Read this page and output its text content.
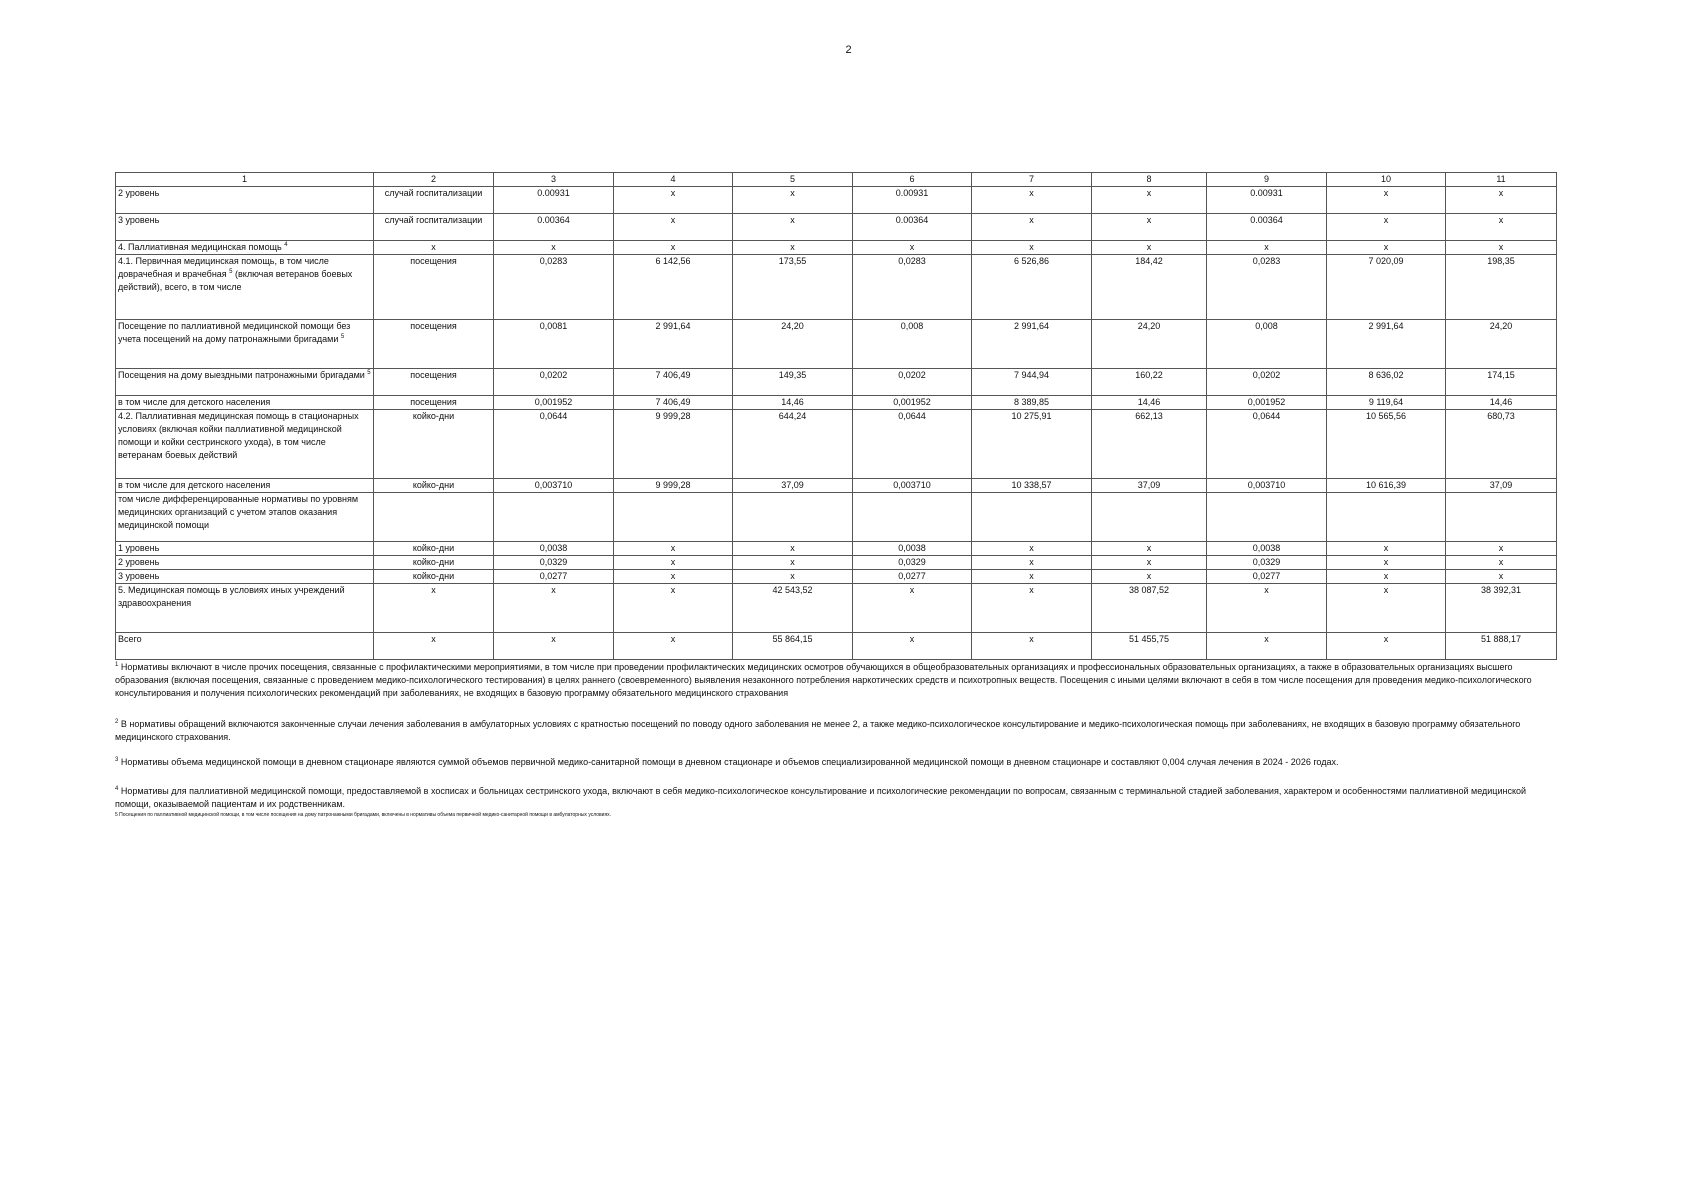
2
1	2	3	4	5	6	7	8	9	10	11
2 уровень	случай госпитализации	0.00931	x	x	0.00931	x	x	0.00931	x	x
3 уровень	случай госпитализации	0.00364	x	x	0.00364	x	x	0.00364	x	x
4. Паллиативная медицинская помощь $^4$	x	x	x	x	x	x	x	x	x	x
4.1. Первичная медицинская помощь, в том числе доврачебная и врачебная $^5$ (включая ветеранов боевых действий), всего, в том числе	посещения	0,0283	6 142,56	173,55	0,0283	6 526,86	184,42	0,0283	7 020,09	198,35
Посещение по паллиативной медицинской помощи без учета посещений на дому патронажными бригадами $^5$	посещения	0,0081	2 991,64	24,20	0,008	2 991,64	24,20	0,008	2 991,64	24,20
Посещения на дому выездными патронажными бригадами $^5$	посещения	0,0202	7 406,49	149,35	0,0202	7 944,94	160,22	0,0202	8 636,02	174,15
в том числе для детского населения	посещения	0,001952	7 406,49	14,46	0,001952	8 389,85	14,46	0,001952	9 119,64	14,46
4.2. Паллиативная медицинская помощь в стационарных условиях (включая койки паллиативной медицинской помощи и койки сестринского ухода), в том числе ветеранам боевых действий	койко-дни	0,0644	9 999,28	644,24	0,0644	10 275,91	662,13	0,0644	10 565,56	680,73
в том числе для детского населения	койко-дни	0,003710	9 999,28	37,09	0,003710	10 338,57	37,09	0,003710	10 616,39	37,09
том числе дифференцированные нормативы по уровням медицинских организаций с учетом этапов оказания медицинской помощи										
1 уровень	койко-дни	0,0038	x	x	0,0038	x	x	0,0038	x	x
2 уровень	койко-дни	0,0329	x	x	0,0329	x	x	0,0329	x	x
3 уровень	койко-дни	0,0277	x	x	0,0277	x	x	0,0277	x	x
5. Медицинская помощь в условиях иных учреждений здравоохранения	x	x	x	42 543,52	x	x	38 087,52	x	x	38 392,31
Всего	x	x	x	55 864,15	x	x	51 455,75	x	x	51 888,17

$^1$ Нормативы включают в числе прочих посещения, связанные с профилактическими мероприятиями, в том числе при проведении профилактических медицинских осмотров обучающихся в общеобразовательных организациях и профессиональных образовательных организациях, а также в образовательных организациях высшего образования (включая посещения, связанные с проведением медико-психологического тестирования) в целях раннего (своевременного) выявления незаконного потребления наркотических средств и психотропных веществ. Посещения с иными целями включают в себя в том числе посещения для проведения медико-психологического консультирования и получения психологических рекомендаций при заболеваниях, не входящих в базовую программу обязательного медицинского страхования

$^2$ В нормативы обращений включаются законченные случаи лечения заболевания в амбулаторных условиях с кратностью посещений по поводу одного заболевания не менее 2, а также медико-психологическое консультирование и медико-психологическая помощь при заболеваниях, не входящих в базовую программу обязательного медицинского страхования.

$^3$ Нормативы объема медицинской помощи в дневном стационаре являются суммой объемов первичной медико-санитарной помощи в дневном стационаре и объемов специализированной медицинской помощи в дневном стационаре и составляют 0,004 случая лечения в 2024 - 2026 годах.

$^4$ Нормативы для паллиативной медицинской помощи, предоставляемой в хосписах и больницах сестринского ухода, включают в себя медико-психологическое консультирование и психологические рекомендации по вопросам, связанным с терминальной стадией заболевания, характером и особенностями паллиативной медицинской помощи, оказываемой пациентам и их родственникам.

5 Посещения по паллиативной медицинской помощи, в том числе посещения на дому патронажными бригадами, включены в нормативы объема первичной медико-санитарной помощи в амбулаторных условиях.
